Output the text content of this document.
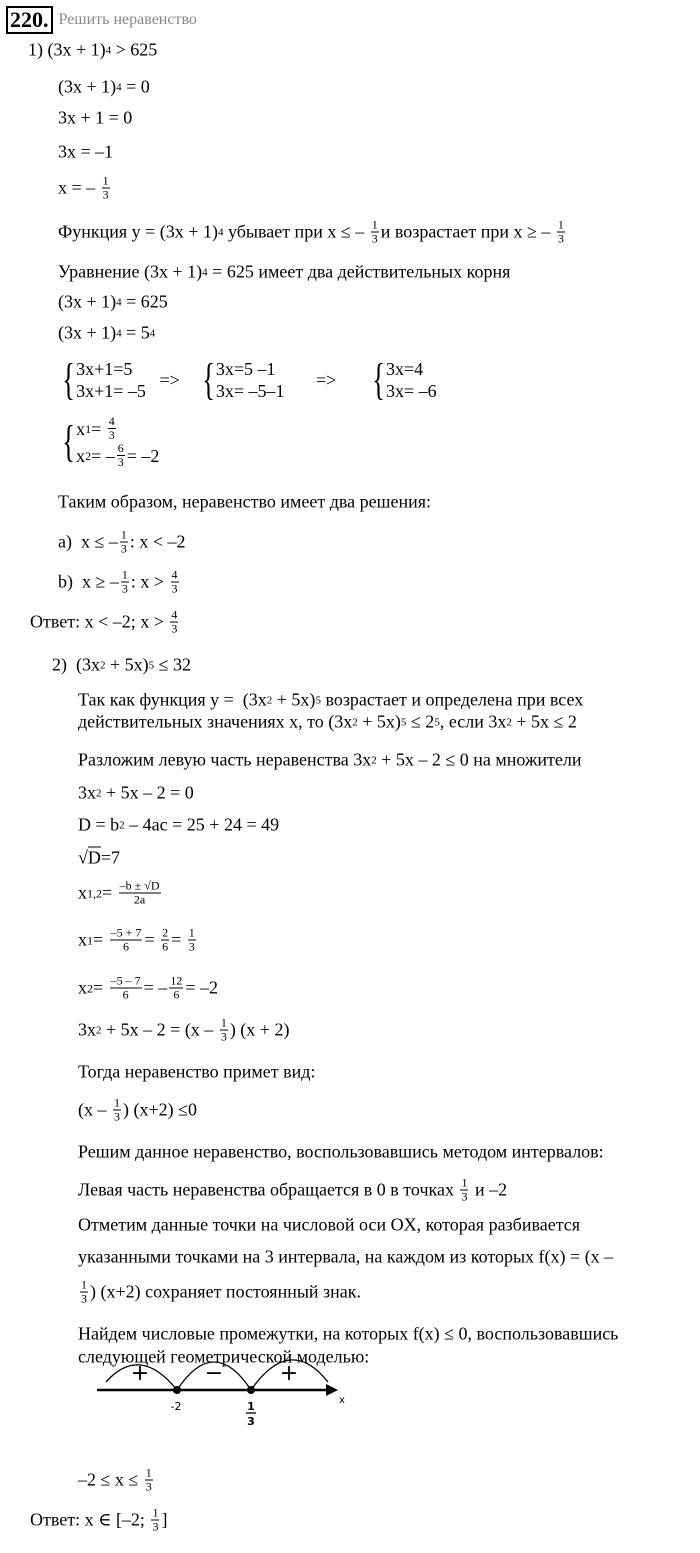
220. Решить неравенство
1) (3x + 1) 4 > 625
(3x + 1) 4 = 0
3x + 1 = 0
3x = –1
x = – $\frac{1}{3}$
Функция y = (3x + 1) 4 убывает при x ≤ – $\frac{1}{3}$ и возрастает при x ≥ – $\frac{1}{3}$
Уравнение (3x + 1) 4 = 625 имеет два действительных корня
(3x + 1) 4 = 625
(3x + 1) 4 = 5 4
{ 3x+1=5
3x+1= –5
=> { 3x=5 –1
3x= –5–1
=> { 3x=4
3x= –6
{ x $1 = \frac{4}{3}$
x 2 = – $\frac{6}{3} = -2$
Таким образом, неравенство имеет два решения:
a)  x ≤ – $\frac{1}{3}$ : x < –2
b)  x ≥ – $\frac{1}{3}$ : $x > \frac{4}{3}$
Ответ: x < –2; $x > \frac{4}{3}$
2)  (3x 2 + 5x) 5 ≤ 32
Так как функция y =  (3x 2 + 5x) 5 возрастает и определена при всех
действительных значениях x, то (3x 2 + 5x) 5 ≤ 2 5 , если 3x 2 + 5x ≤ 2
Разложим левую часть неравенства 3x 2 + 5x – 2 ≤ 0 на множители
3x 2 + 5x – 2 = 0
D = b 2 – 4ac = 25 + 24 = 49
√D =7
x $1,2 = \frac{-b \pm √D}{2a}$
x $1 = \frac{-5 + 7}{6} = \frac{2}{6} = \frac{1}{3}$
x $2 = \frac{-5 - 7}{6}$ = – $\frac{12}{6} = -2$
3x $2 + 5x - 2 = (x - \frac{1}{3}$ ) (x + 2)
Тогда неравенство примет вид:
($x - \frac{1}{3}$ ) (x+2) ≤0
Решим данное неравенство, воспользовавшись методом интервалов:
Левая часть неравенства обращается в 0 в точках $\frac{1}{3}$ и –2
Отметим данные точки на числовой оси OX, которая разбивается
указанными точками на 3 интервала, на каждом из которых f(x) = (x –
$\frac{1}{3}$ ) (x+2) сохраняет постоянный знак.
Найдем числовые промежутки, на которых f(x) ≤ 0, воспользовавшись
следующей геометрической моделью:
$-2 \le x \le \frac{1}{3}$
Ответ: x ∈ [–2; $\frac{1}{3}$ ]
+	−	+
-2	1
3
x
